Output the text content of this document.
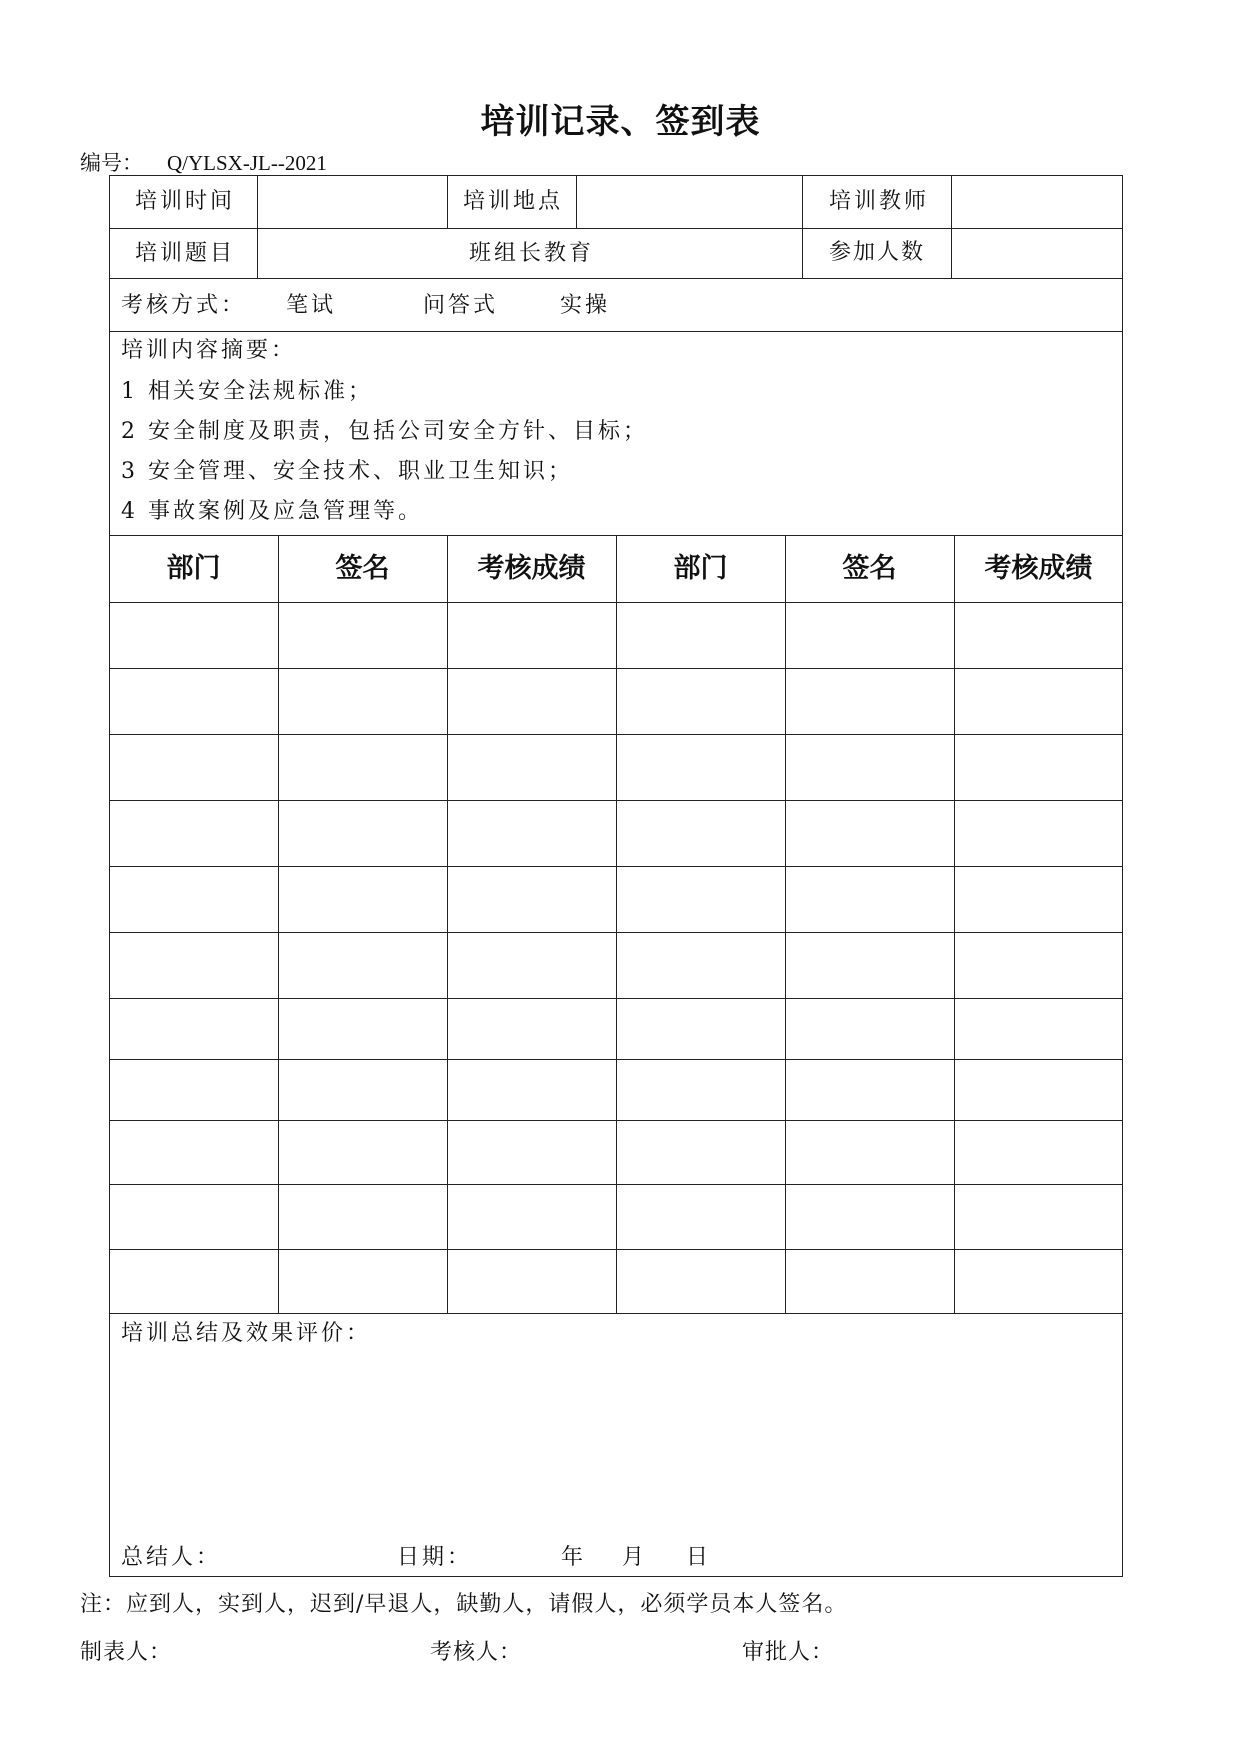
培训记录、签到表
编号： Q/YLSX-JL--2021
培训时间	培训地点	培训教师
培训题目	班组长教育	参加人数
考核方式： 笔试	问答式	实操
培训内容摘要：
1 相关安全法规标准；
2 安全制度及职责，包括公司安全方针、目标；
3 安全管理、安全技术、职业卫生知识；
4 事故案例及应急管理等。
部门	签名	考核成绩	部门	签名	考核成绩
培训总结及效果评价：
总结人：	日期：	年 月 日
注：应到人，实到人，迟到/早退人，缺勤人，请假人，必须学员本人签名。
制表人：	考核人：	审批人：
